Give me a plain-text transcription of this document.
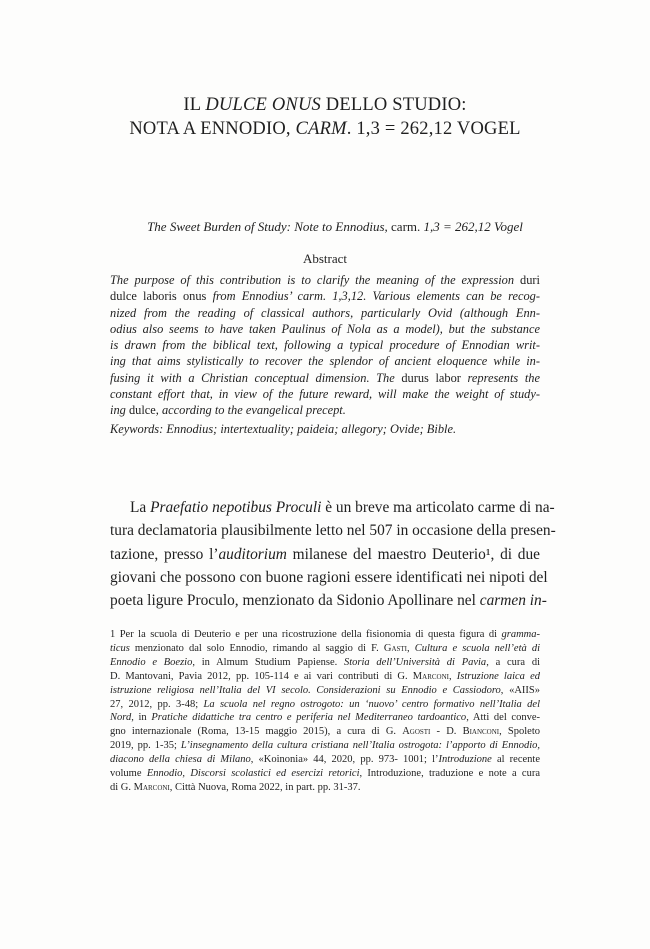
IL DULCE ONUS DELLO STUDIO:
NOTA A ENNODIO, CARM. 1,3 = 262,12 VOGEL
The Sweet Burden of Study: Note to Ennodius, carm. 1,3 = 262,12 Vogel
Abstract
The purpose of this contribution is to clarify the meaning of the expression duri
dulce laboris onus from Ennodius’ carm. 1,3,12. Various elements can be recog-
nized from the reading of classical authors, particularly Ovid (although Enn-
odius also seems to have taken Paulinus of Nola as a model), but the substance
is drawn from the biblical text, following a typical procedure of Ennodian writ-
ing that aims stylistically to recover the splendor of ancient eloquence while in-
fusing it with a Christian conceptual dimension. The durus labor represents the
constant effort that, in view of the future reward, will make the weight of study-
ing dulce, according to the evangelical precept.
Keywords: Ennodius; intertextuality; paideia; allegory; Ovide; Bible.
La Praefatio nepotibus Proculi è un breve ma articolato carme di na-
tura declamatoria plausibilmente letto nel 507 in occasione della presen-
tazione, presso l’auditorium milanese del maestro Deuterio¹, di due
giovani che possono con buone ragioni essere identificati nei nipoti del
poeta ligure Proculo, menzionato da Sidonio Apollinare nel carmen in-
1 Per la scuola di Deuterio e per una ricostruzione della fisionomia di questa figura di gramma-
ticus menzionato dal solo Ennodio, rimando al saggio di F. Gasti, Cultura e scuola nell’età di
Ennodio e Boezio, in Almum Studium Papiense. Storia dell’Università di Pavia, a cura di
D. Mantovani, Pavia 2012, pp. 105-114 e ai vari contributi di G. Marconi, Istruzione laica ed
istruzione religiosa nell’Italia del VI secolo. Considerazioni su Ennodio e Cassiodoro, «AIIS»
27, 2012, pp. 3-48; La scuola nel regno ostrogoto: un ‘nuovo’ centro formativo nell’Italia del
Nord, in Pratiche didattiche tra centro e periferia nel Mediterraneo tardoantico, Atti del conve-
gno internazionale (Roma, 13-15 maggio 2015), a cura di G. Agosti - D. Bianconi, Spoleto
2019, pp. 1-35; L’insegnamento della cultura cristiana nell’Italia ostrogota: l’apporto di Ennodio,
diacono della chiesa di Milano, «Koinonia» 44, 2020, pp. 973- 1001; l’Introduzione al recente
volume Ennodio, Discorsi scolastici ed esercizi retorici, Introduzione, traduzione e note a cura
di G. Marconi, Città Nuova, Roma 2022, in part. pp. 31-37.
